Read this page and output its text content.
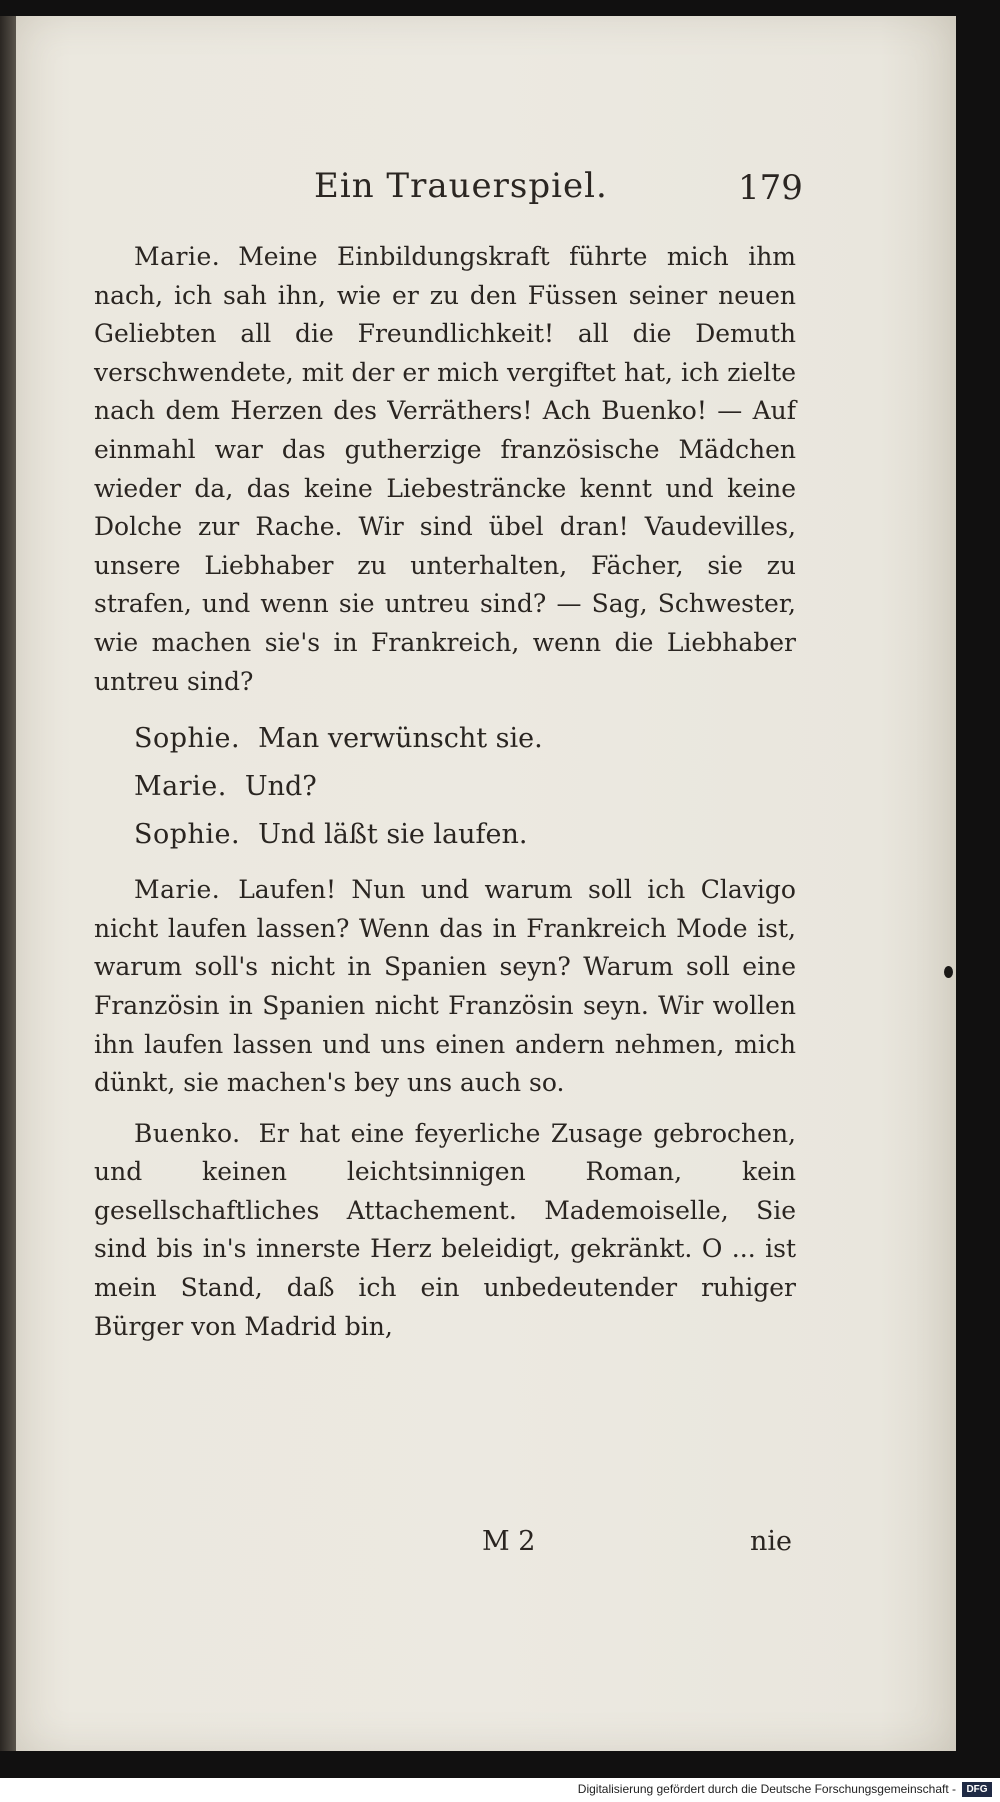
Ein Trauerspiel.	179

Marie. Meine Einbildungskraft führte mich ihm nach, ich sah ihn, wie er zu den Füssen seiner neuen Geliebten all die Freundlichkeit! all die Demuth verschwendete, mit der er mich vergiftet hat, ich zielte nach dem Herzen des Verräthers! Ach Buenko! — Auf einmahl war das gutherzige französische Mädchen wieder da, das keine Liebesträncke kennt und keine Dolche zur Rache. Wir sind übel dran! Vaudevilles, unsere Liebhaber zu unterhalten, Fächer, sie zu strafen, und wenn sie untreu sind? — Sag, Schwester, wie machen sie's in Frankreich, wenn die Liebhaber untreu sind?

Sophie. Man verwünscht sie.

Marie. Und?

Sophie. Und läßt sie laufen.

Marie. Laufen! Nun und warum soll ich Clavigo nicht laufen lassen? Wenn das in Frankreich Mode ist, warum soll's nicht in Spanien seyn? Warum soll eine Französin in Spanien nicht Französin seyn. Wir wollen ihn laufen lassen und uns einen andern nehmen, mich dünkt, sie machen's bey uns auch so.

Buenko. Er hat eine feyerliche Zusage gebrochen, und keinen leichtsinnigen Roman, kein gesellschaftliches Attachement. Mademoiselle, Sie sind bis in's innerste Herz beleidigt, gekränkt. O ... ist mein Stand, daß ich ein unbedeutender ruhiger Bürger von Madrid bin,

M 2	nie
Digitalisierung gefördert durch die Deutsche Forschungsgemeinschaft -	DFG
